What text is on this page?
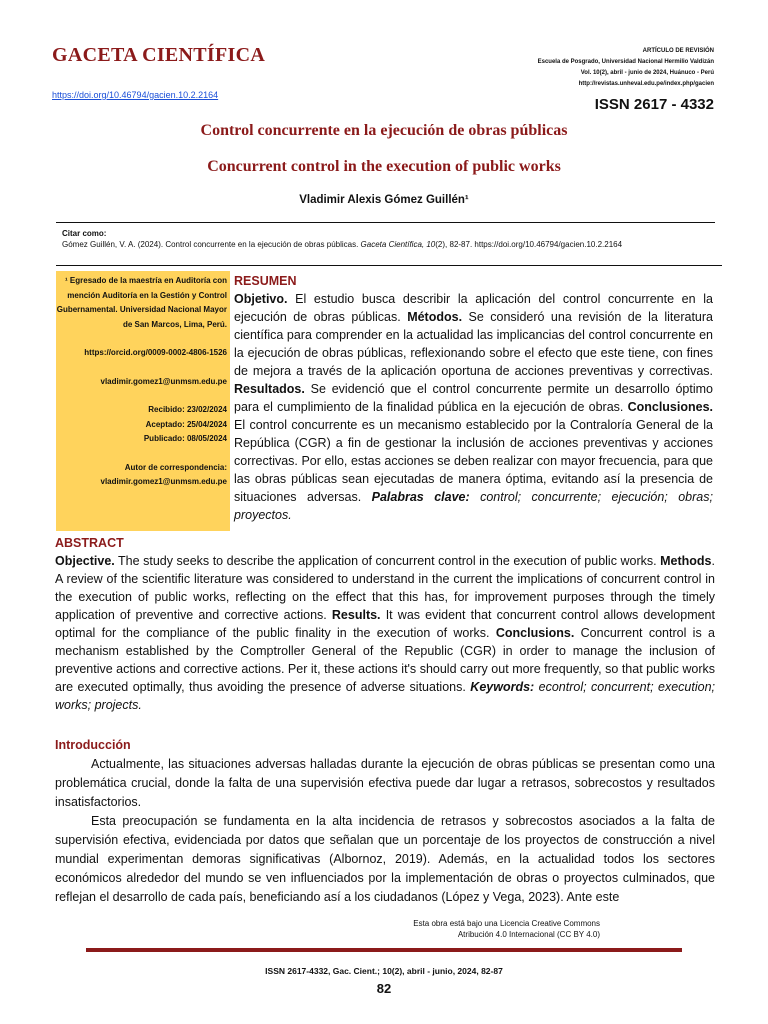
GACETA CIENTÍFICA
https://doi.org/10.46794/gacien.10.2.2164
ARTÍCULO DE REVISIÓN
Escuela de Posgrado, Universidad Nacional Hermilio Valdizán
Vol. 10(2), abril - junio de 2024, Huánuco - Perú
http://revistas.unheval.edu.pe/index.php/gacien
ISSN 2617 - 4332
Control concurrente en la ejecución de obras públicas
Concurrent control in the execution of public works
Vladimir Alexis Gómez Guillén¹
Citar como:
Gómez Guillén, V. A. (2024). Control concurrente en la ejecución de obras públicas. Gaceta Científica, 10(2), 82-87. https://doi.org/10.46794/gacien.10.2.2164
¹ Egresado de la maestría en Auditoría con mención Auditoría en la Gestión y Control Gubernamental. Universidad Nacional Mayor de San Marcos, Lima, Perú.
https://orcid.org/0009-0002-4806-1526
vladimir.gomez1@unmsm.edu.pe
Recibido: 23/02/2024
Aceptado: 25/04/2024
Publicado: 08/05/2024
Autor de correspondencia:
vladimir.gomez1@unmsm.edu.pe
RESUMEN
Objetivo. El estudio busca describir la aplicación del control concurrente en la ejecución de obras públicas. Métodos. Se consideró una revisión de la literatura científica para comprender en la actualidad las implicancias del control concurrente en la ejecución de obras públicas, reflexionando sobre el efecto que este tiene, con fines de mejora a través de la aplicación oportuna de acciones preventivas y correctivas. Resultados. Se evidenció que el control concurrente permite un desarrollo óptimo para el cumplimiento de la finalidad pública en la ejecución de obras. Conclusiones. El control concurrente es un mecanismo establecido por la Contraloría General de la República (CGR) a fin de gestionar la inclusión de acciones preventivas y acciones correctivas. Por ello, estas acciones se deben realizar con mayor frecuencia, para que las obras públicas sean ejecutadas de manera óptima, evitando así la presencia de situaciones adversas. Palabras clave: control; concurrente; ejecución; obras; proyectos.
ABSTRACT
Objective. The study seeks to describe the application of concurrent control in the execution of public works. Methods. A review of the scientific literature was considered to understand in the current the implications of concurrent control in the execution of public works, reflecting on the effect that this has, for improvement purposes through the timely application of preventive and corrective actions. Results. It was evident that concurrent control allows development optimal for the compliance of the public finality in the execution of works. Conclusions. Concurrent control is a mechanism established by the Comptroller General of the Republic (CGR) in order to manage the inclusion of preventive actions and corrective actions. Per it, these actions it's should carry out more frequently, so that public works are executed optimally, thus avoiding the presence of adverse situations. Keywords: econtrol; concurrent; execution; works; projects.
Introducción
Actualmente, las situaciones adversas halladas durante la ejecución de obras públicas se presentan como una problemática crucial, donde la falta de una supervisión efectiva puede dar lugar a retrasos, sobrecostos y resultados insatisfactorios.
Esta preocupación se fundamenta en la alta incidencia de retrasos y sobrecostos asociados a la falta de supervisión efectiva, evidenciada por datos que señalan que un porcentaje de los proyectos de construcción a nivel mundial experimentan demoras significativas (Albornoz, 2019). Además, en la actualidad todos los sectores económicos alrededor del mundo se ven influenciados por la implementación de obras o proyectos culminados, que reflejan el desarrollo de cada país, beneficiando así a los ciudadanos (López y Vega, 2023). Ante este
Esta obra está bajo una Licencia Creative Commons
Atribución 4.0 Internacional (CC BY 4.0)
ISSN 2617-4332, Gac. Cient.; 10(2), abril - junio, 2024, 82-87
82
